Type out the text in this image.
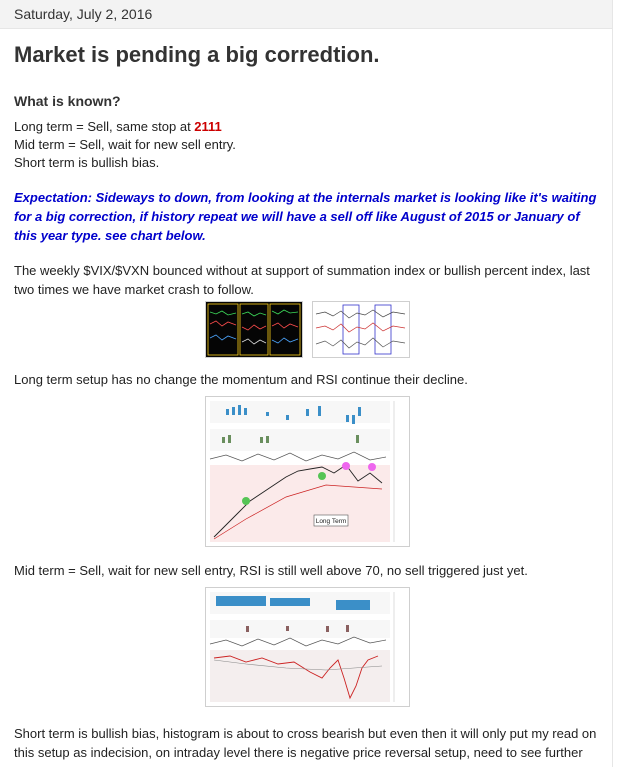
Saturday, July 2, 2016
Market is pending a big corredtion.
What is known?
Long term = Sell, same stop at 2111
Mid term = Sell, wait for new sell entry.
Short term is bullish bias.
Expectation: Sideways to down, from looking at the internals market is looking like it's waiting for a big correction, if history repeat we will have a sell off like August of 2015 or January of this year type. see chart below.
The weekly $VIX/$VXN bounced without at support of summation index or bullish percent index, last two times we have market crash to follow.
Long term setup has no change the momentum and RSI continue their decline.
Long Term
Mid term = Sell, wait for new sell entry, RSI is still well above 70, no sell triggered just yet.
Short term is bullish bias, histogram is about to cross bearish but even then it will only put my read on this setup as indecision, on intraday level there is negative price reversal setup, need to see further
